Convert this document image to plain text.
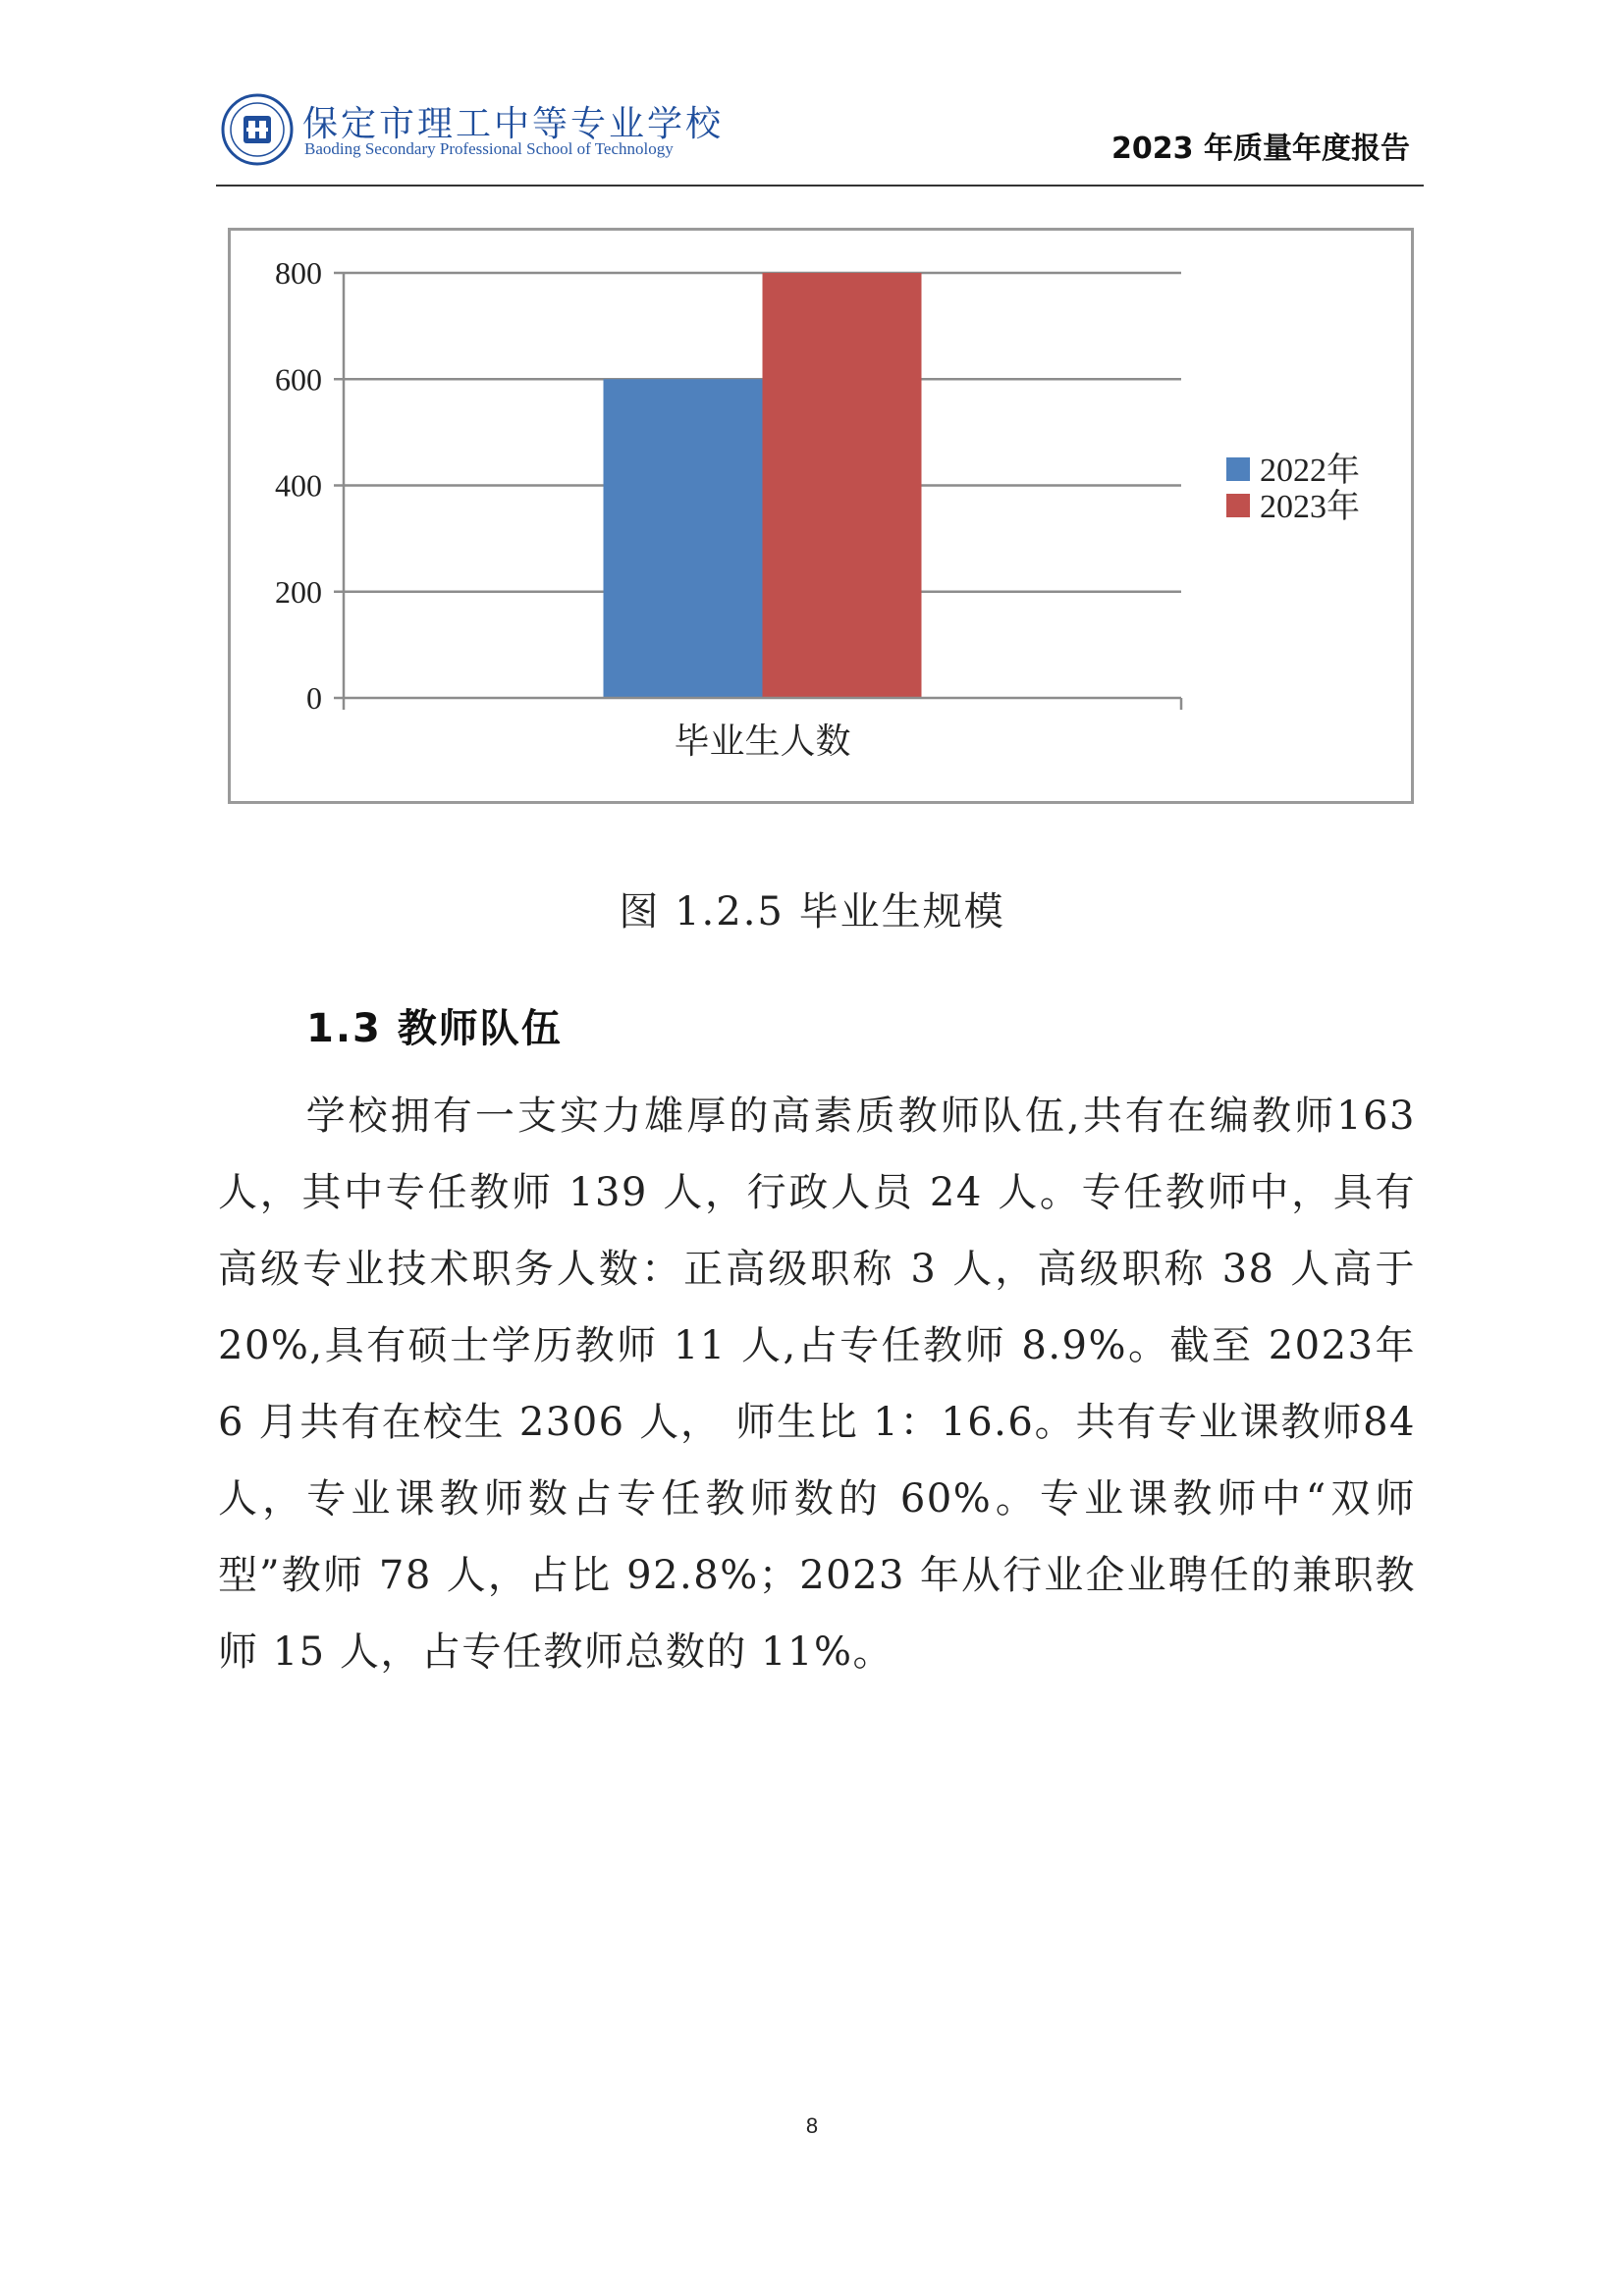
保定市理工中等专业学校
Baoding Secondary Professional School of Technology	2023 年质量年度报告
0
200
400
600
800
毕业生人数
2022年
2023年
图 1.2.5 毕业生规模
1.3 教师队伍
学校拥有一支实力雄厚的高素质教师队伍,共有在编教师163 人，其中专任教师 139 人，行政人员 24 人。专任教师中，具有高级专业技术职务人数：正高级职称 3 人，高级职称 38 人高于 20%,具有硕士学历教师 11 人,占专任教师 8.9%。截至 2023年 6 月共有在校生 2306 人， 师生比 1：16.6。共有专业课教师84 人，专业课教师数占专任教师数的 60%。专业课教师中“双师型”教师 78 人，占比 92.8%；2023 年从行业企业聘任的兼职教师 15 人，占专任教师总数的 11%。
8
